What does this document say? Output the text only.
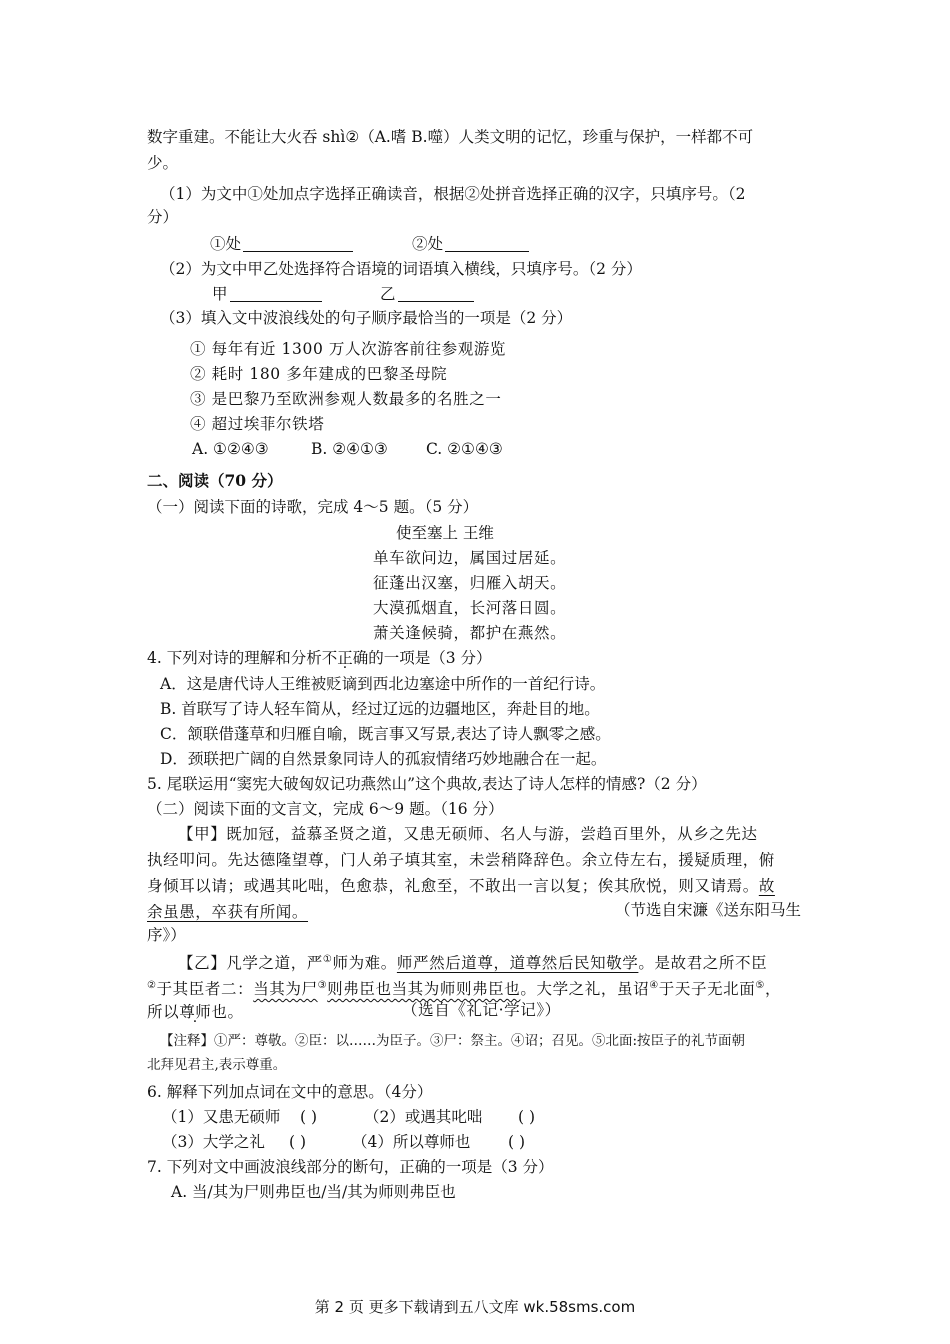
数字重建。不能让大火吞 shì②（A.嗜 B.噬）人类文明的记忆，珍重与保护，一样都不可
少。
（1）为文中①处加点字选择正确读音，根据②处拼音选择正确的汉字，只填序号。（2
分）
①处	②处
（2）为文中甲乙处选择符合语境的词语填入横线，只填序号。（2 分）
甲	乙
（3）填入文中波浪线处的句子顺序最恰当的一项是（2 分）
① 每年有近 1300 万人次游客前往参观游览
② 耗时 180 多年建成的巴黎圣母院
③ 是巴黎乃至欧洲参观人数最多的名胜之一
④ 超过埃菲尔铁塔
A. ①②④③	B. ②④①③ C. ②①④③
二、阅读（70 分）
（一）阅读下面的诗歌，完成 4～5 题。（5 分）
使至塞上 王维
单车欲问边，属国过居延。
征蓬出汉塞，归雁入胡天。
大漠孤烟直，长河落日圆。
萧关逢候骑，都护在燕然。
4. 下列对诗的理解和分析不正确的一项是（3 分）
A．这是唐代诗人王维被贬谪到西北边塞途中所作的一首纪行诗。
B. 首联写了诗人轻车简从，经过辽远的边疆地区，奔赴目的地。
C．颔联借蓬草和归雁自喻，既言事又写景,表达了诗人飘零之感。
D．颈联把广阔的自然景象同诗人的孤寂情绪巧妙地融合在一起。
5. 尾联运用“窦宪大破匈奴记功燕然山”这个典故,表达了诗人怎样的情感?（2 分）
（二）阅读下面的文言文，完成 6～9 题。（16 分）
【甲】既加冠，益慕圣贤之道，又患无硕师、名人与游，尝趋百里外，从乡之先达
执经叩问。先达德隆望尊，门人弟子填其室，未尝稍降辞色。余立侍左右，援疑质理，俯
身倾耳以请；或遇其叱咄，色愈恭，礼愈至，不敢出一言以复；俟其欣悦，则又请焉。故
余虽愚，卒获有所闻。	（节选自宋濂《送东阳马生
序》）
【乙】凡学之道，严①师为难。师严然后道尊，道尊然后民知敬学。是故君之所不臣
②于其臣者二：当其为尸③则弗臣也当其为师则弗臣也。大学之礼，虽诏④于天子无北面⑤，
所以尊师也。 ·	（选自《礼记·学记》）
【注释】①严：尊敬。②臣：以……为臣子。③尸：祭主。④诏；召见。⑤北面:按臣子的礼节面朝
北拜见君主,表示尊重。
6. 解释下列加点词在文中的意思。（4分）
（1）又患无硕师 ( )	（2）或遇其叱咄 ( )
（3）大学之礼 ( )	（4）所以尊师也 ( )
7. 下列对文中画波浪线部分的断句，正确的一项是（3 分）
A. 当/其为尸则弗臣也/当/其为师则弗臣也
第 2 页 更多下载请到五八文库 wk.58sms.com
